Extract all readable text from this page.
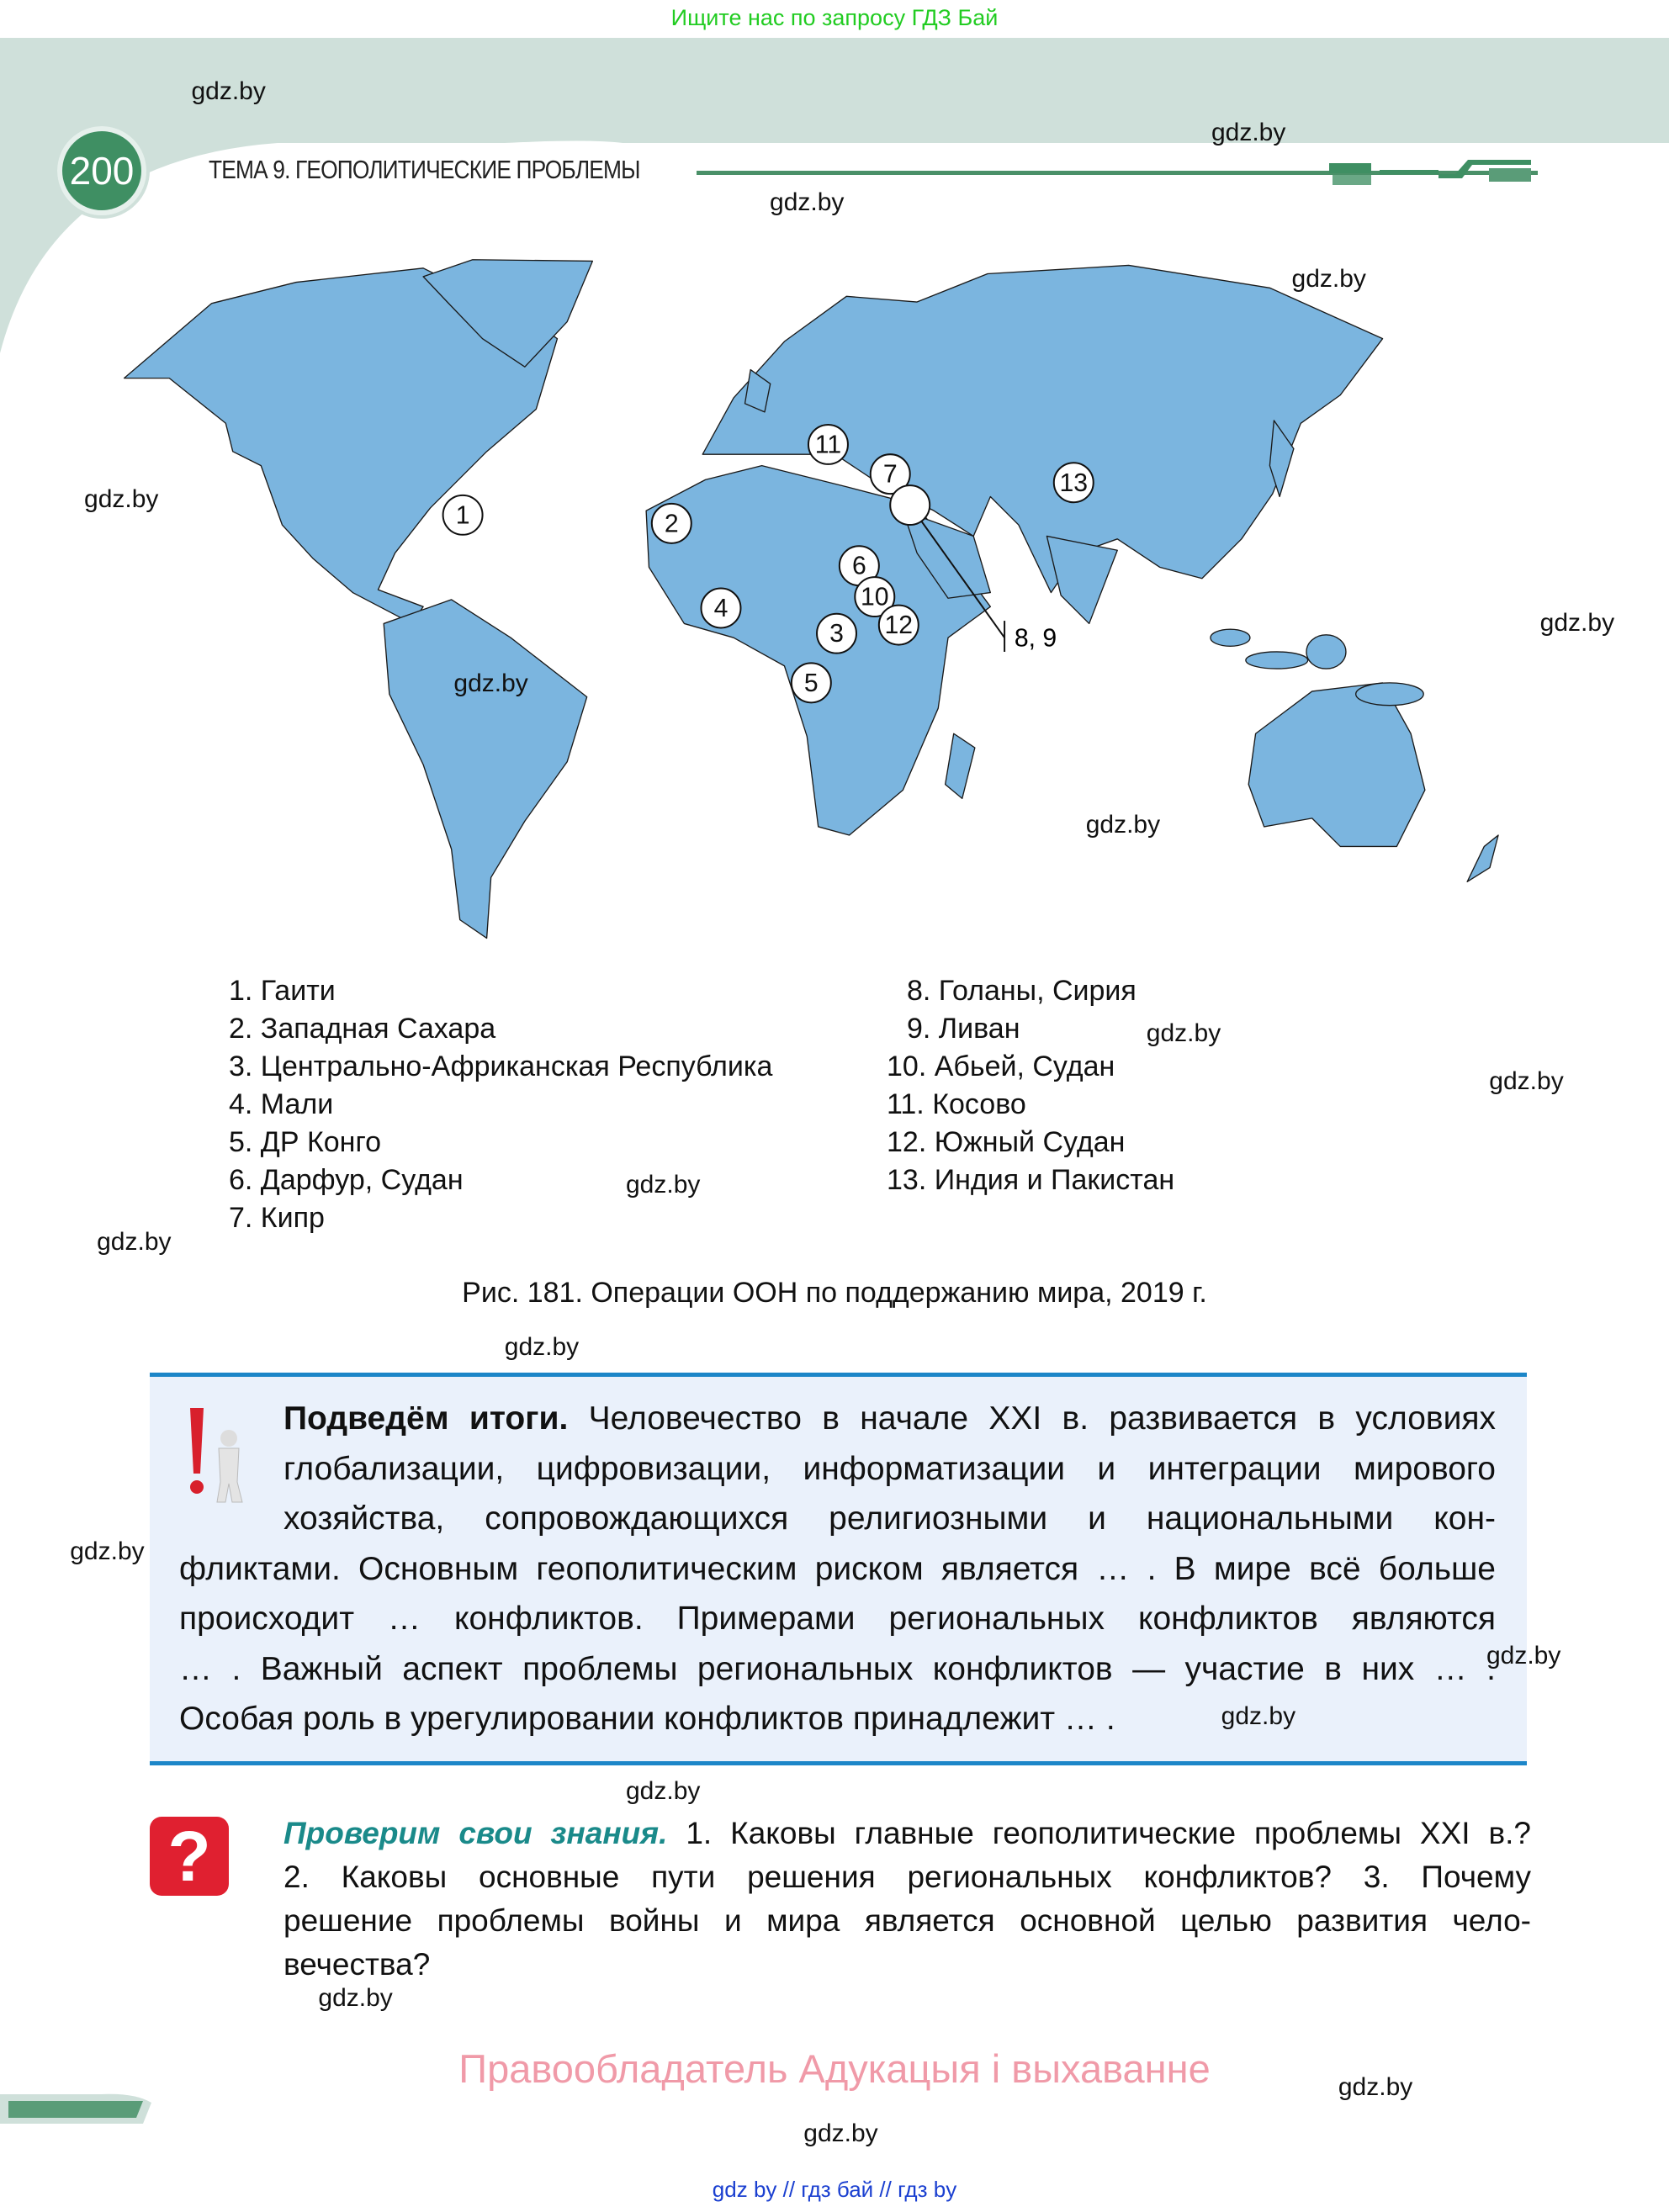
Ищите нас по запросу ГДЗ Бай
200	ТЕМА 9. ГЕОПОЛИТИЧЕСКИЕ ПРОБЛЕМЫ
1	2
3
4
5
6
7
10
11
12
13
8, 9
1. Гаити
2. Западная Сахара
3. Центрально-Африканская Республика
4. Мали
5. ДР Конго
6. Дарфур, Судан
7. Кипр
8. Голаны, Сирия
9. Ливан
10. Абьей, Судан
11. Косово
12. Южный Судан
13. Индия и Пакистан
Рис. 181. Операции ООН по поддержанию мира, 2019 г.
Подведём итоги. Человечество в начале XXI в. развивается в условиях
глобализации, цифровизации, информатизации и интеграции мирового
хозяйства, сопровождающихся религиозными и национальными кон-
фликтами. Основным геополитическим риском является … . В мире всё больше
происходит … конфликтов. Примерами региональных конфликтов являются
… . Важный аспект проблемы региональных конфликтов — участие в них … .
Особая роль в урегулировании конфликтов принадлежит … .
?	Проверим свои знания. 1. Каковы главные геополитические проблемы XXI в.?
2. Каковы основные пути решения региональных конфликтов? 3. Почему
решение проблемы войны и мира является основной целью развития чело-
вечества?
Правообладатель Адукацыя і выхаванне
gdz by // гдз бай // гдз by
gdz.by
gdz.by
gdz.by
gdz.by
gdz.by
gdz.by
gdz.by
gdz.by
gdz.by
gdz.by
gdz.by
gdz.by
gdz.by
gdz.by
gdz.by
gdz.by
gdz.by
gdz.by
gdz.by
gdz.by
